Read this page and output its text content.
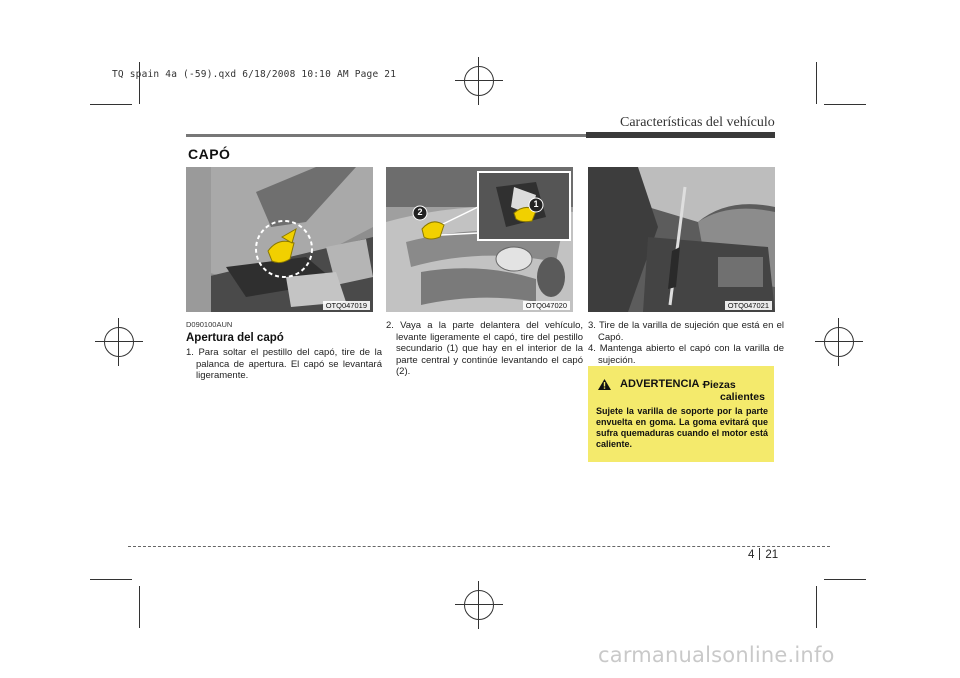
TQ spain 4a (-59).qxd 6/18/2008 10:10 AM Page 21
Características del vehículo
CAPÓ
OTQ047019
1
2
OTQ047020	OTQ047021
D090100AUN
Apertura del capó
1. Para soltar el pestillo del capó, tire de la palanca de apertura. El capó se levantará ligeramente.
2. Vaya a la parte delantera del vehículo, levante ligeramente el capó, tire del pestillo secundario (1) que hay en el interior de la parte central y continúe levantando el capó (2).
3. Tire de la varilla de sujeción que está en el Capó.
4. Mantenga abierto el capó con la varilla de sujeción.
ADVERTENCIA -
Piezas
calientes
Sujete la varilla de soporte por la parte envuelta en goma. La goma evitará que sufra quemaduras cuando el motor está caliente.
4 21
carmanualsonline.info
